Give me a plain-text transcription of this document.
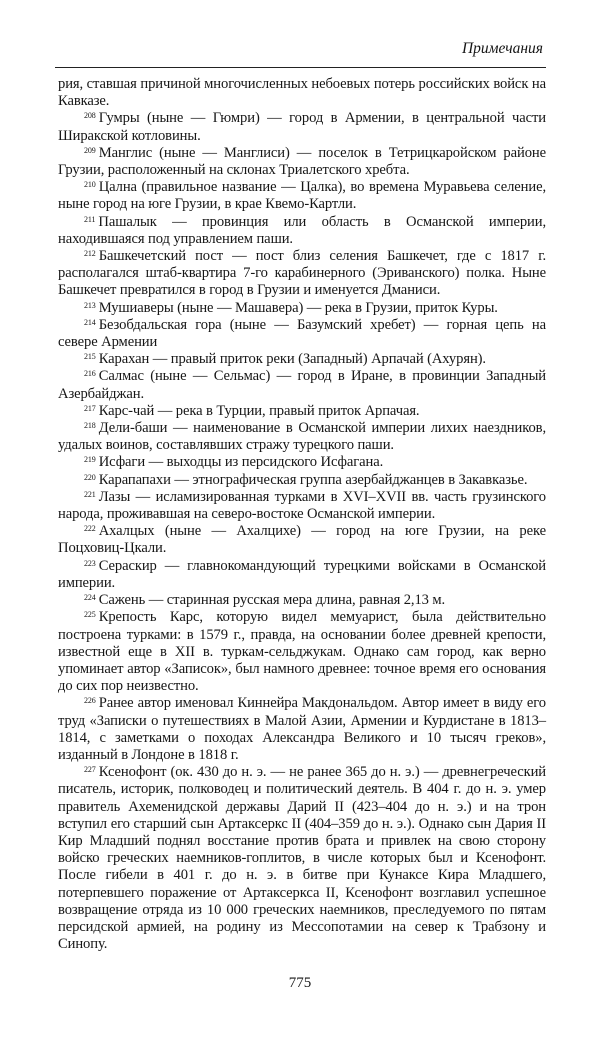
Примечания

рия, ставшая причиной многочисленных небоевых потерь российских войск на Кавказе.

$^{208}$ Гумры (ныне — Гюмри) — город в Армении, в центральной части Ширакской котловины.

$^{209}$ Манглис (ныне — Манглиси) — поселок в Тетрицкаройском районе Грузии, расположенный на склонах Триалетского хребта.

$^{210}$ Цална (правильное название — Цалка), во времена Муравьева селение, ныне город на юге Грузии, в крае Квемо-Картли.

$^{211}$ Пашалык — провинция или область в Османской империи, находившаяся под управлением паши.

$^{212}$ Башкечетский пост — пост близ селения Башкечет, где с 1817 г. располагался штаб-квартира 7-го карабинерного (Эриванского) полка. Ныне Башкечет превратился в город в Грузии и именуется Дманиси.

$^{213}$ Мушиаверы (ныне — Машавера) — река в Грузии, приток Куры.

$^{214}$ Безобдальская гора (ныне — Базумский хребет) — горная цепь на севере Армении

$^{215}$ Карахан — правый приток реки (Западный) Арпачай (Ахурян).

$^{216}$ Салмас (ныне — Сельмас) — город в Иране, в провинции Западный Азербайджан.

$^{217}$ Карс-чай — река в Турции, правый приток Арпачая.

$^{218}$ Дели-баши — наименование в Османской империи лихих наездников, удалых воинов, составлявших стражу турецкого паши.

$^{219}$ Исфаги — выходцы из персидского Исфагана.

$^{220}$ Карапапахи — этнографическая группа азербайджанцев в Закавказье.

$^{221}$ Лазы — исламизированная турками в XVI–XVII вв. часть грузинского народа, проживавшая на северо-востоке Османской империи.

$^{222}$ Ахалцых (ныне — Ахалцихе) — город на юге Грузии, на реке Поцховиц-Цкали.

$^{223}$ Сераскир — главнокомандующий турецкими войсками в Османской империи.

$^{224}$ Сажень — старинная русская мера длина, равная 2,13 м.

$^{225}$ Крепость Карс, которую видел мемуарист, была действительно построена турками: в 1579 г., правда, на основании более древней крепости, известной еще в XII в. туркам-сельджукам. Однако сам город, как верно упоминает автор «Записок», был намного древнее: точное время его основания до сих пор неизвестно.

$^{226}$ Ранее автор именовал Киннейра Макдональдом. Автор имеет в виду его труд «Записки о путешествиях в Малой Азии, Армении и Курдистане в 1813–1814, с заметками о походах Александра Великого и 10 тысяч греков», изданный в Лондоне в 1818 г.

$^{227}$ Ксенофонт (ок. 430 до н. э. — не ранее 365 до н. э.) — древнегреческий писатель, историк, полководец и политический деятель. В 404 г. до н. э. умер правитель Ахеменидской державы Дарий II (423–404 до н. э.) и на трон вступил его старший сын Артаксеркс II (404–359 до н. э.). Однако сын Дария II Кир Младший поднял восстание против брата и привлек на свою сторону войско греческих наемников-гоплитов, в числе которых был и Ксенофонт. После гибели в 401 г. до н. э. в битве при Кунаксе Кира Младшего, потерпевшего поражение от Артаксеркса II, Ксенофонт возглавил успешное возвращение отряда из 10 000 греческих наемников, преследуемого по пятам персидской армией, на родину из Мессопотамии на север к Трабзону и Синопу.

775
